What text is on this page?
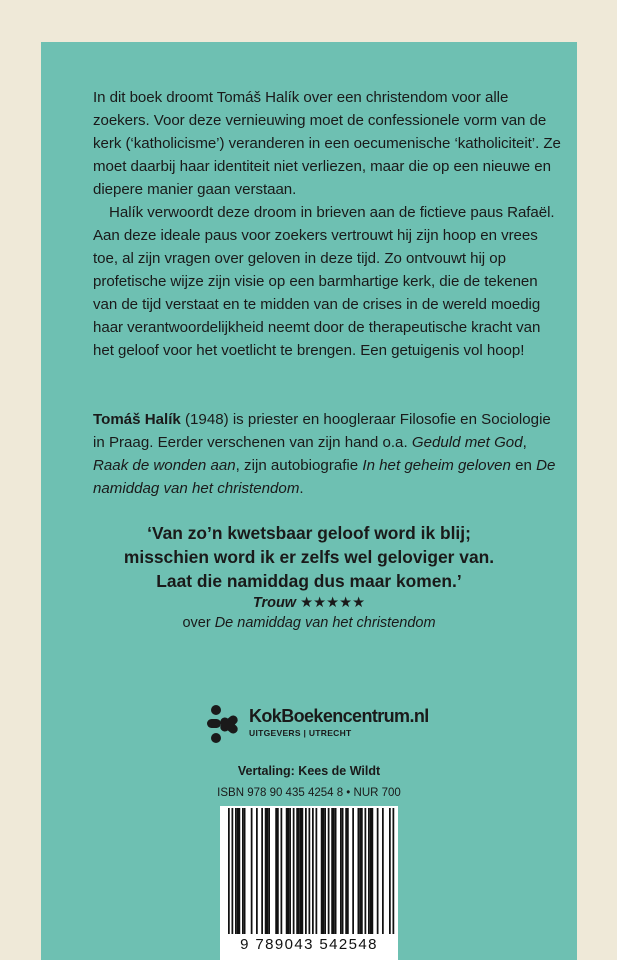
In dit boek droomt Tomáš Halík over een christendom voor alle zoekers. Voor deze vernieuwing moet de confessionele vorm van de kerk (‘katholicisme’) veranderen in een oecumenische ‘katholiciteit’. Ze moet daarbij haar identiteit niet verliezen, maar die op een nieuwe en diepere manier gaan verstaan.

Halík verwoordt deze droom in brieven aan de fictieve paus Rafaël. Aan deze ideale paus voor zoekers vertrouwt hij zijn hoop en vrees toe, al zijn vragen over geloven in deze tijd. Zo ontvouwt hij op profetische wijze zijn visie op een barmhartige kerk, die de tekenen van de tijd verstaat en te midden van de crises in de wereld moedig haar verantwoordelijkheid neemt door de therapeutische kracht van het geloof voor het voetlicht te brengen. Een getuigenis vol hoop!

Tomáš Halík (1948) is priester en hoogleraar Filosofie en Sociologie in Praag. Eerder verschenen van zijn hand o.a. Geduld met God, Raak de wonden aan, zijn autobiografie In het geheim geloven en De namiddag van het christendom.

‘Van zo’n kwetsbaar geloof word ik blij;
misschien word ik er zelfs wel geloviger van.
Laat die namiddag dus maar komen.’
Trouw ★★★★★
over De namiddag van het christendom
KokBoekencentrum.nl
UITGEVERS | UTRECHT
Vertaling: Kees de Wildt
ISBN 978 90 435 4254 8 • NUR 700
9 789043 542548
